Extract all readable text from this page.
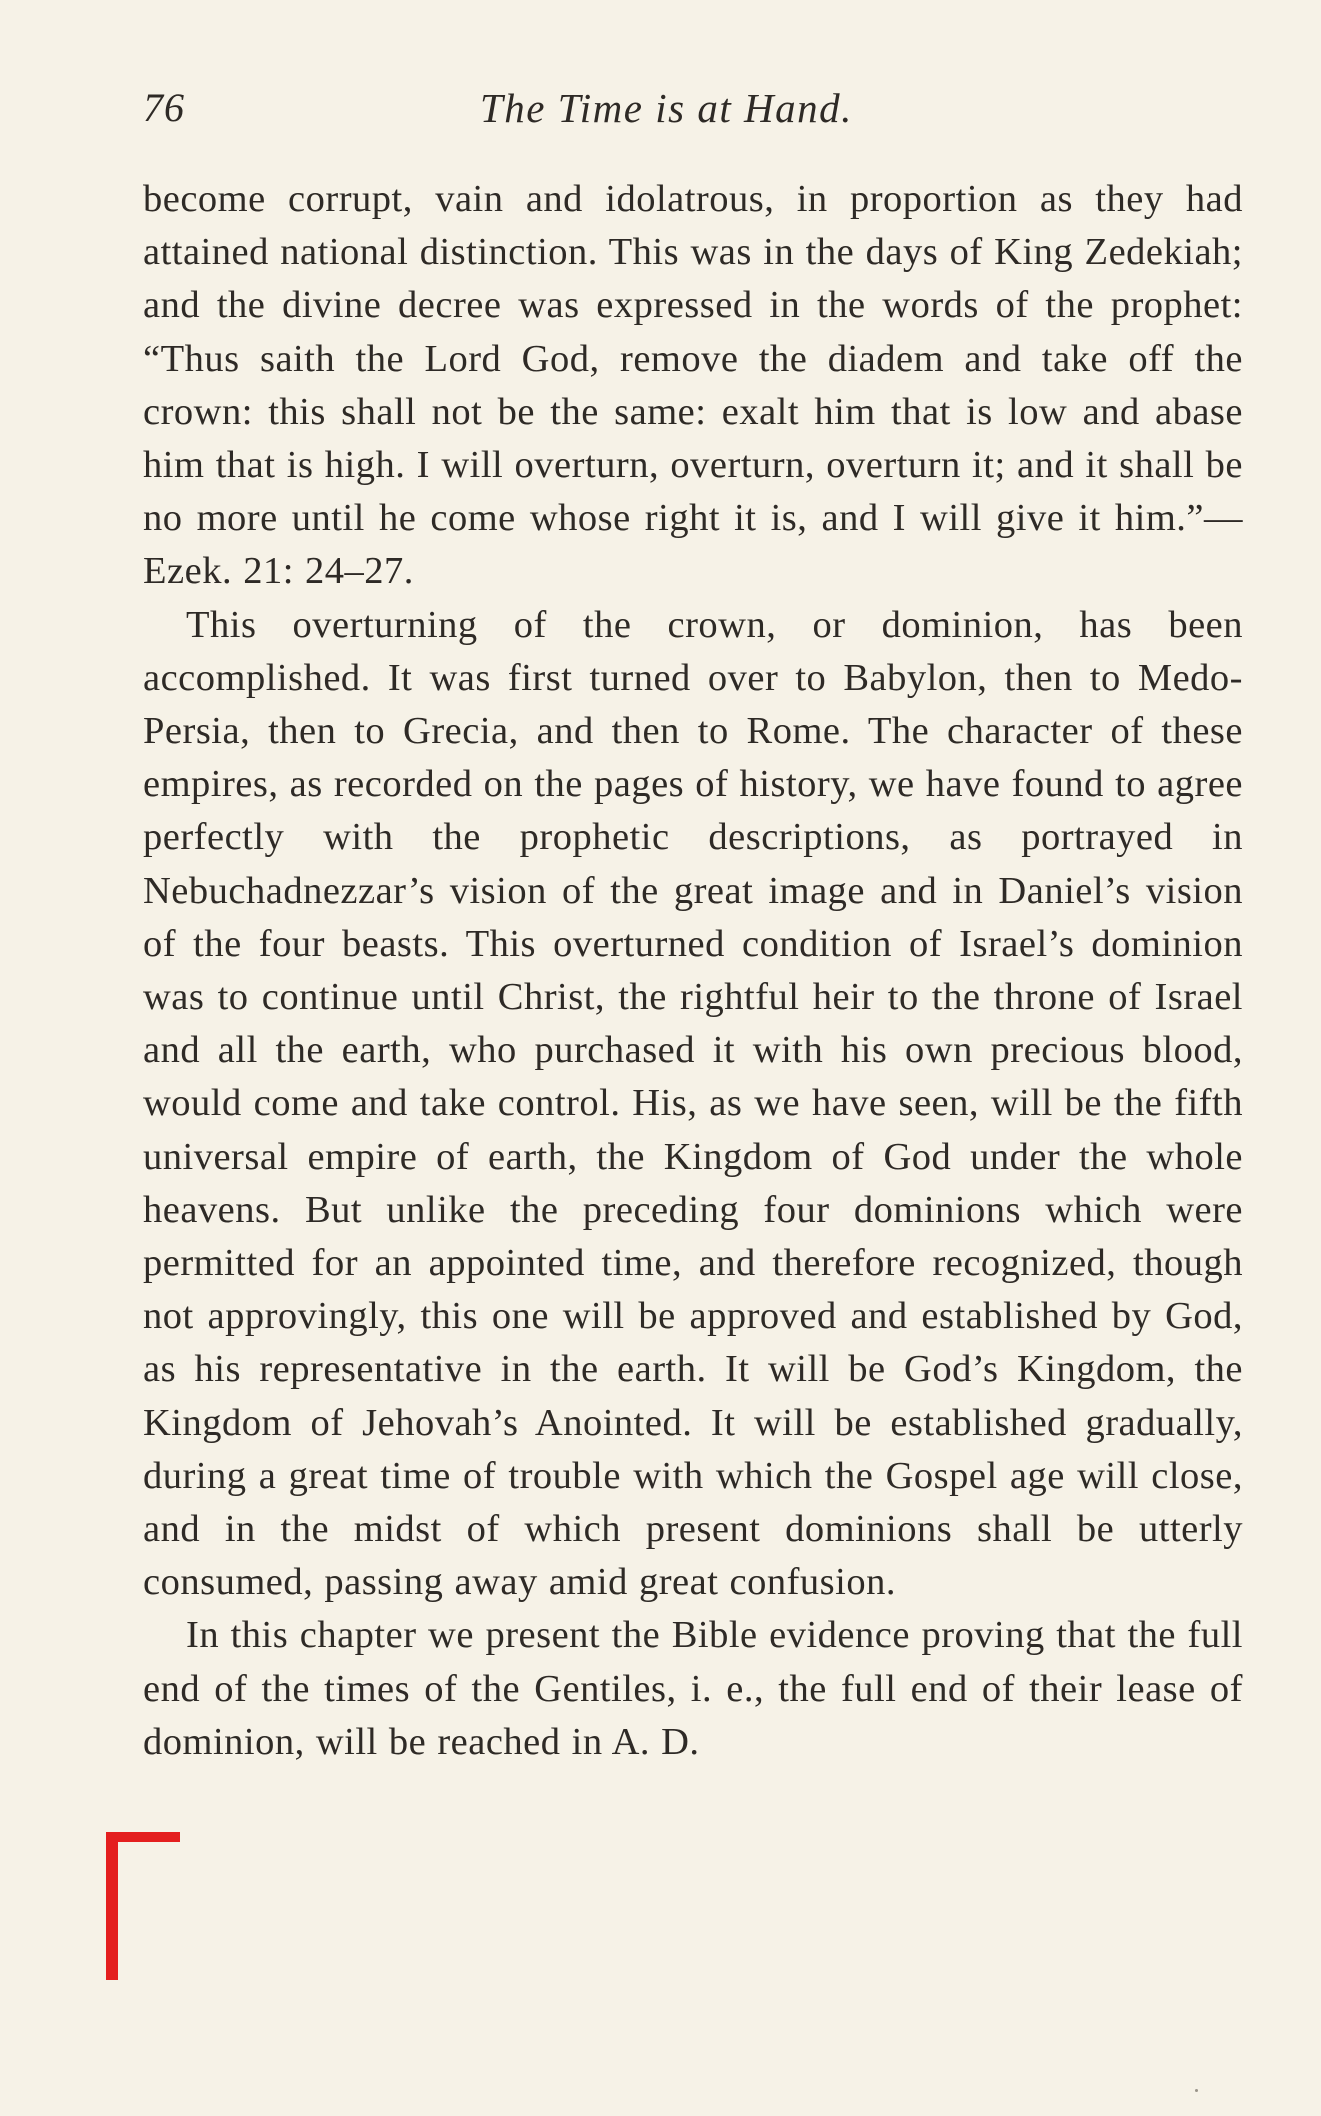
76	The Time is at Hand.

become corrupt, vain and idolatrous, in proportion as they had attained national distinction. This was in the days of King Zedekiah; and the divine decree was expressed in the words of the prophet: “Thus saith the Lord God, remove the diadem and take off the crown: this shall not be the same: exalt him that is low and abase him that is high. I will overturn, overturn, overturn it; and it shall be no more until he come whose right it is, and I will give it him.”—Ezek. 21: 24–27.

This overturning of the crown, or dominion, has been accomplished. It was first turned over to Babylon, then to Medo-Persia, then to Grecia, and then to Rome. The character of these empires, as recorded on the pages of history, we have found to agree perfectly with the prophetic descriptions, as portrayed in Nebuchadnezzar’s vision of the great image and in Daniel’s vision of the four beasts. This overturned condition of Israel’s dominion was to continue until Christ, the rightful heir to the throne of Israel and all the earth, who purchased it with his own precious blood, would come and take control. His, as we have seen, will be the fifth universal empire of earth, the Kingdom of God under the whole heavens. But unlike the preceding four dominions which were permitted for an appointed time, and therefore recognized, though not approvingly, this one will be approved and established by God, as his representative in the earth. It will be God’s Kingdom, the Kingdom of Jehovah’s Anointed. It will be established gradually, during a great time of trouble with which the Gospel age will close, and in the midst of which present dominions shall be utterly consumed, passing away amid great confusion.

In this chapter we present the Bible evidence proving that the full end of the times of the Gentiles, i. e., the full end of their lease of dominion, will be reached in A. D.
